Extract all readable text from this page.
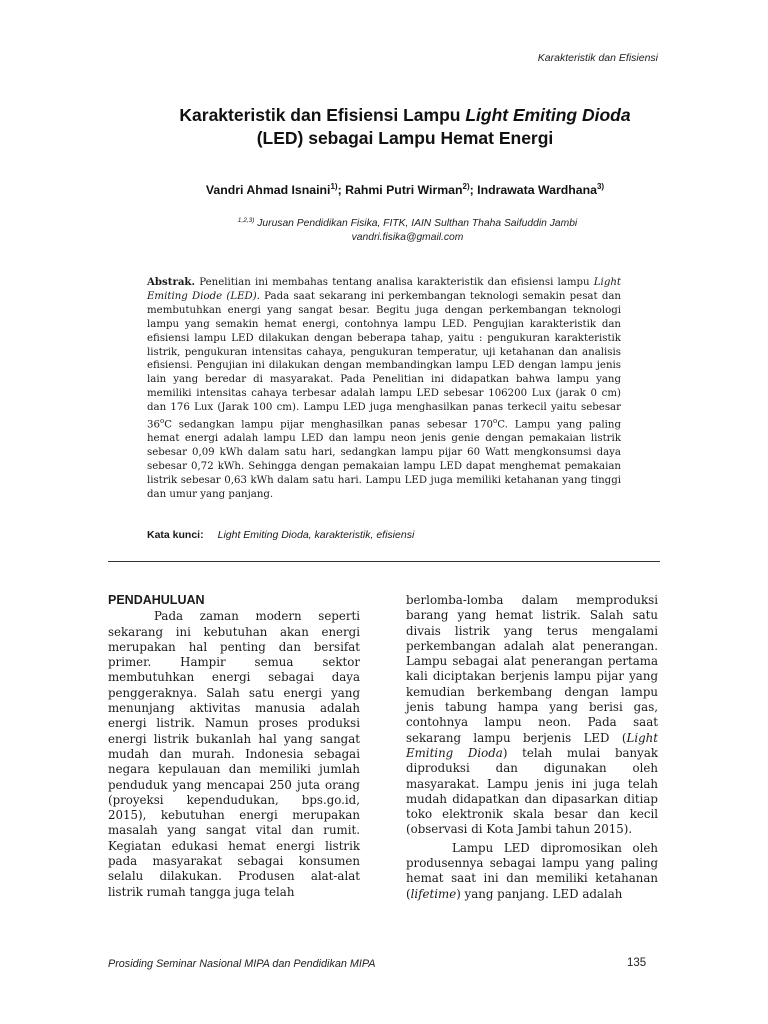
Karakteristik dan Efisiensi
Karakteristik dan Efisiensi Lampu Light Emiting Dioda
(LED) sebagai Lampu Hemat Energi
Vandri Ahmad Isnaini$^{1)}$; Rahmi Putri Wirman$^{2)}$; Indrawata Wardhana$^{3)}$
$^{1,2,3)}$ Jurusan Pendidikan Fisika, FITK, IAIN Sulthan Thaha Saifuddin Jambi
vandri.fisika@gmail.com
Abstrak. Penelitian ini membahas tentang analisa karakteristik dan efisiensi lampu Light Emiting Diode (LED). Pada saat sekarang ini perkembangan teknologi semakin pesat dan membutuhkan energi yang sangat besar. Begitu juga dengan perkembangan teknologi lampu yang semakin hemat energi, contohnya lampu LED. Pengujian karakteristik dan efisiensi lampu LED dilakukan dengan beberapa tahap, yaitu : pengukuran karakteristik listrik, pengukuran intensitas cahaya, pengukuran temperatur, uji ketahanan dan analisis efisiensi. Pengujian ini dilakukan dengan membandingkan lampu LED dengan lampu jenis lain yang beredar di masyarakat. Pada Penelitian ini didapatkan bahwa lampu yang memiliki intensitas cahaya terbesar adalah lampu LED sebesar 106200 Lux (jarak 0 cm) dan 176 Lux (Jarak 100 cm). Lampu LED juga menghasilkan panas terkecil yaitu sebesar 36$^o$C sedangkan lampu pijar menghasilkan panas sebesar 170$^o$C. Lampu yang paling hemat energi adalah lampu LED dan lampu neon jenis genie dengan pemakaian listrik sebesar 0,09 kWh dalam satu hari, sedangkan lampu pijar 60 Watt mengkonsumsi daya sebesar 0,72 kWh. Sehingga dengan pemakaian lampu LED dapat menghemat pemakaian listrik sebesar 0,63 kWh dalam satu hari. Lampu LED juga memiliki ketahanan yang tinggi dan umur yang panjang.
Kata kunci: Light Emiting Dioda, karakteristik, efisiensi
PENDAHULUAN

Pada zaman modern seperti sekarang ini kebutuhan akan energi merupakan hal penting dan bersifat primer. Hampir semua sektor membutuhkan energi sebagai daya penggeraknya. Salah satu energi yang menunjang aktivitas manusia adalah energi listrik. Namun proses produksi energi listrik bukanlah hal yang sangat mudah dan murah. Indonesia sebagai negara kepulauan dan memiliki jumlah penduduk yang mencapai 250 juta orang (proyeksi kependudukan, bps.go.id, 2015), kebutuhan energi merupakan masalah yang sangat vital dan rumit. Kegiatan edukasi hemat energi listrik pada masyarakat sebagai konsumen selalu dilakukan. Produsen alat-alat listrik rumah tangga juga telah

berlomba-lomba dalam memproduksi barang yang hemat listrik. Salah satu divais listrik yang terus mengalami perkembangan adalah alat penerangan. Lampu sebagai alat penerangan pertama kali diciptakan berjenis lampu pijar yang kemudian berkembang dengan lampu jenis tabung hampa yang berisi gas, contohnya lampu neon. Pada saat sekarang lampu berjenis LED (Light Emiting Dioda) telah mulai banyak diproduksi dan digunakan oleh masyarakat. Lampu jenis ini juga telah mudah didapatkan dan dipasarkan ditiap toko elektronik skala besar dan kecil (observasi di Kota Jambi tahun 2015).

Lampu LED dipromosikan oleh produsennya sebagai lampu yang paling hemat saat ini dan memiliki ketahanan (lifetime) yang panjang. LED adalah

Prosiding Seminar Nasional MIPA dan Pendidikan MIPA	135
